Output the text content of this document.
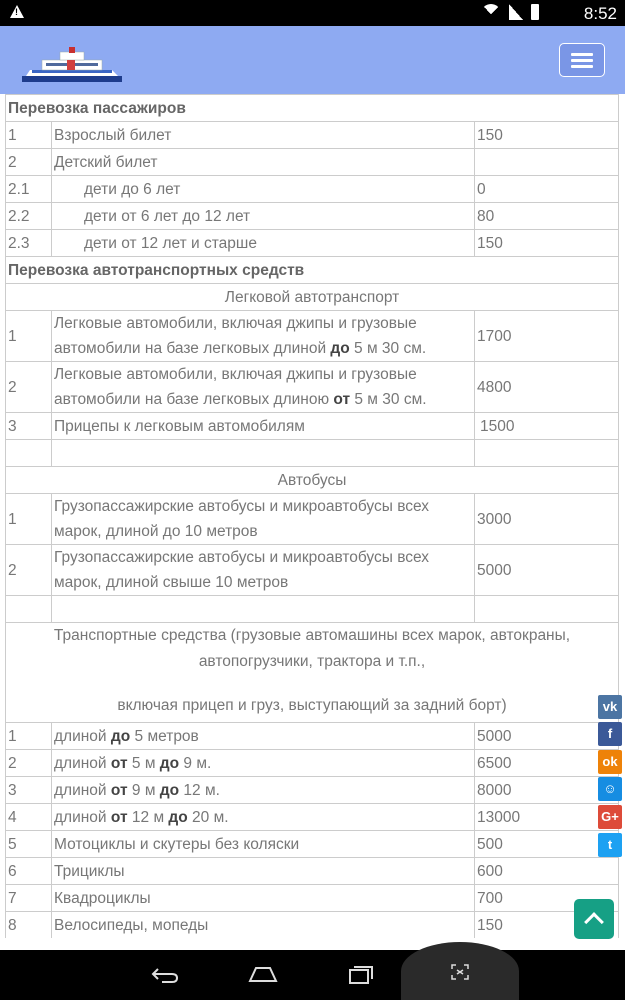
!
8:52
Перевозка пассажиров		
1	Взрослый билет	150
2	Детский билет	
2.1	дети до 6 лет	0
2.2	дети от 6 лет до 12 лет	80
2.3	дети от 12 лет и старше	150
Перевозка автотранспортных средств		
Легковой автотранспорт		
1	Легковые автомобили, включая джипы и грузовые автомобили на базе легковых длиной до 5 м 30 см.	1700
2	Легковые автомобили, включая джипы и грузовые автомобили на базе легковых длиною от 5 м 30 см.	4800
3	Прицепы к легковым автомобилям	1500

Автобусы		
1	Грузопассажирские автобусы и микроавтобусы всех марок, длиной до 10 метров	3000
2	Грузопассажирские автобусы и микроавтобусы всех марок, длиной свыше 10 метров	5000

Транспортные средства (грузовые автомашины всех марок, автокраны, автопогрузчики, трактора и т.п.,
включая прицеп и груз, выступающий за задний борт)		
1	длиной до 5 метров	5000
2	длиной от 5 м до 9 м.	6500
3	длиной от 9 м до 12 м.	8000
4	длиной от 12 м до 20 м.	13000
5	Мотоциклы и скутеры без коляски	500
6	Трициклы	600
7	Квадроциклы	700
8	Велосипеды, мопеды	150
vk
f
ok
☺
G+
t
